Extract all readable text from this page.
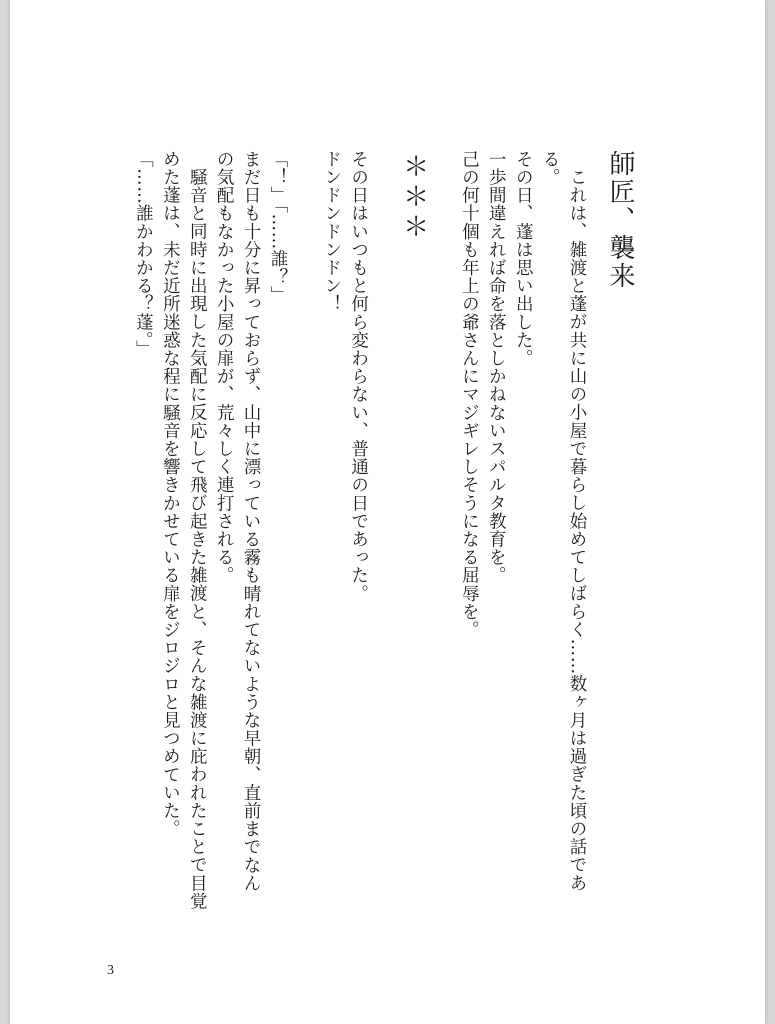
師匠、襲来

これは、雑渡と蓬が共に山の小屋で暮らし始めてしばらく……数ヶ月は過ぎた頃の話である。

その日、蓬は思い出した。

一歩間違えれば命を落としかねないスパルタ教育を。

己の何十個も年上の爺さんにマジギレしそうになる屈辱を。

＊＊＊

その日はいつもと何ら変わらない、普通の日であった。

ドンドンドンドン！

「！」「……誰？」

まだ日も十分に昇っておらず、山中に漂っている霧も晴れてないような早朝、直前までなんの気配もなかった小屋の扉が、荒々しく連打される。

騒音と同時に出現した気配に反応して飛び起きた雑渡と、そんな雑渡に庇われたことで目覚めた蓬は、未だ近所迷惑な程に騒音を響きかせている扉をジロジロと見つめていた。

「……誰かわかる？蓬。」

3
